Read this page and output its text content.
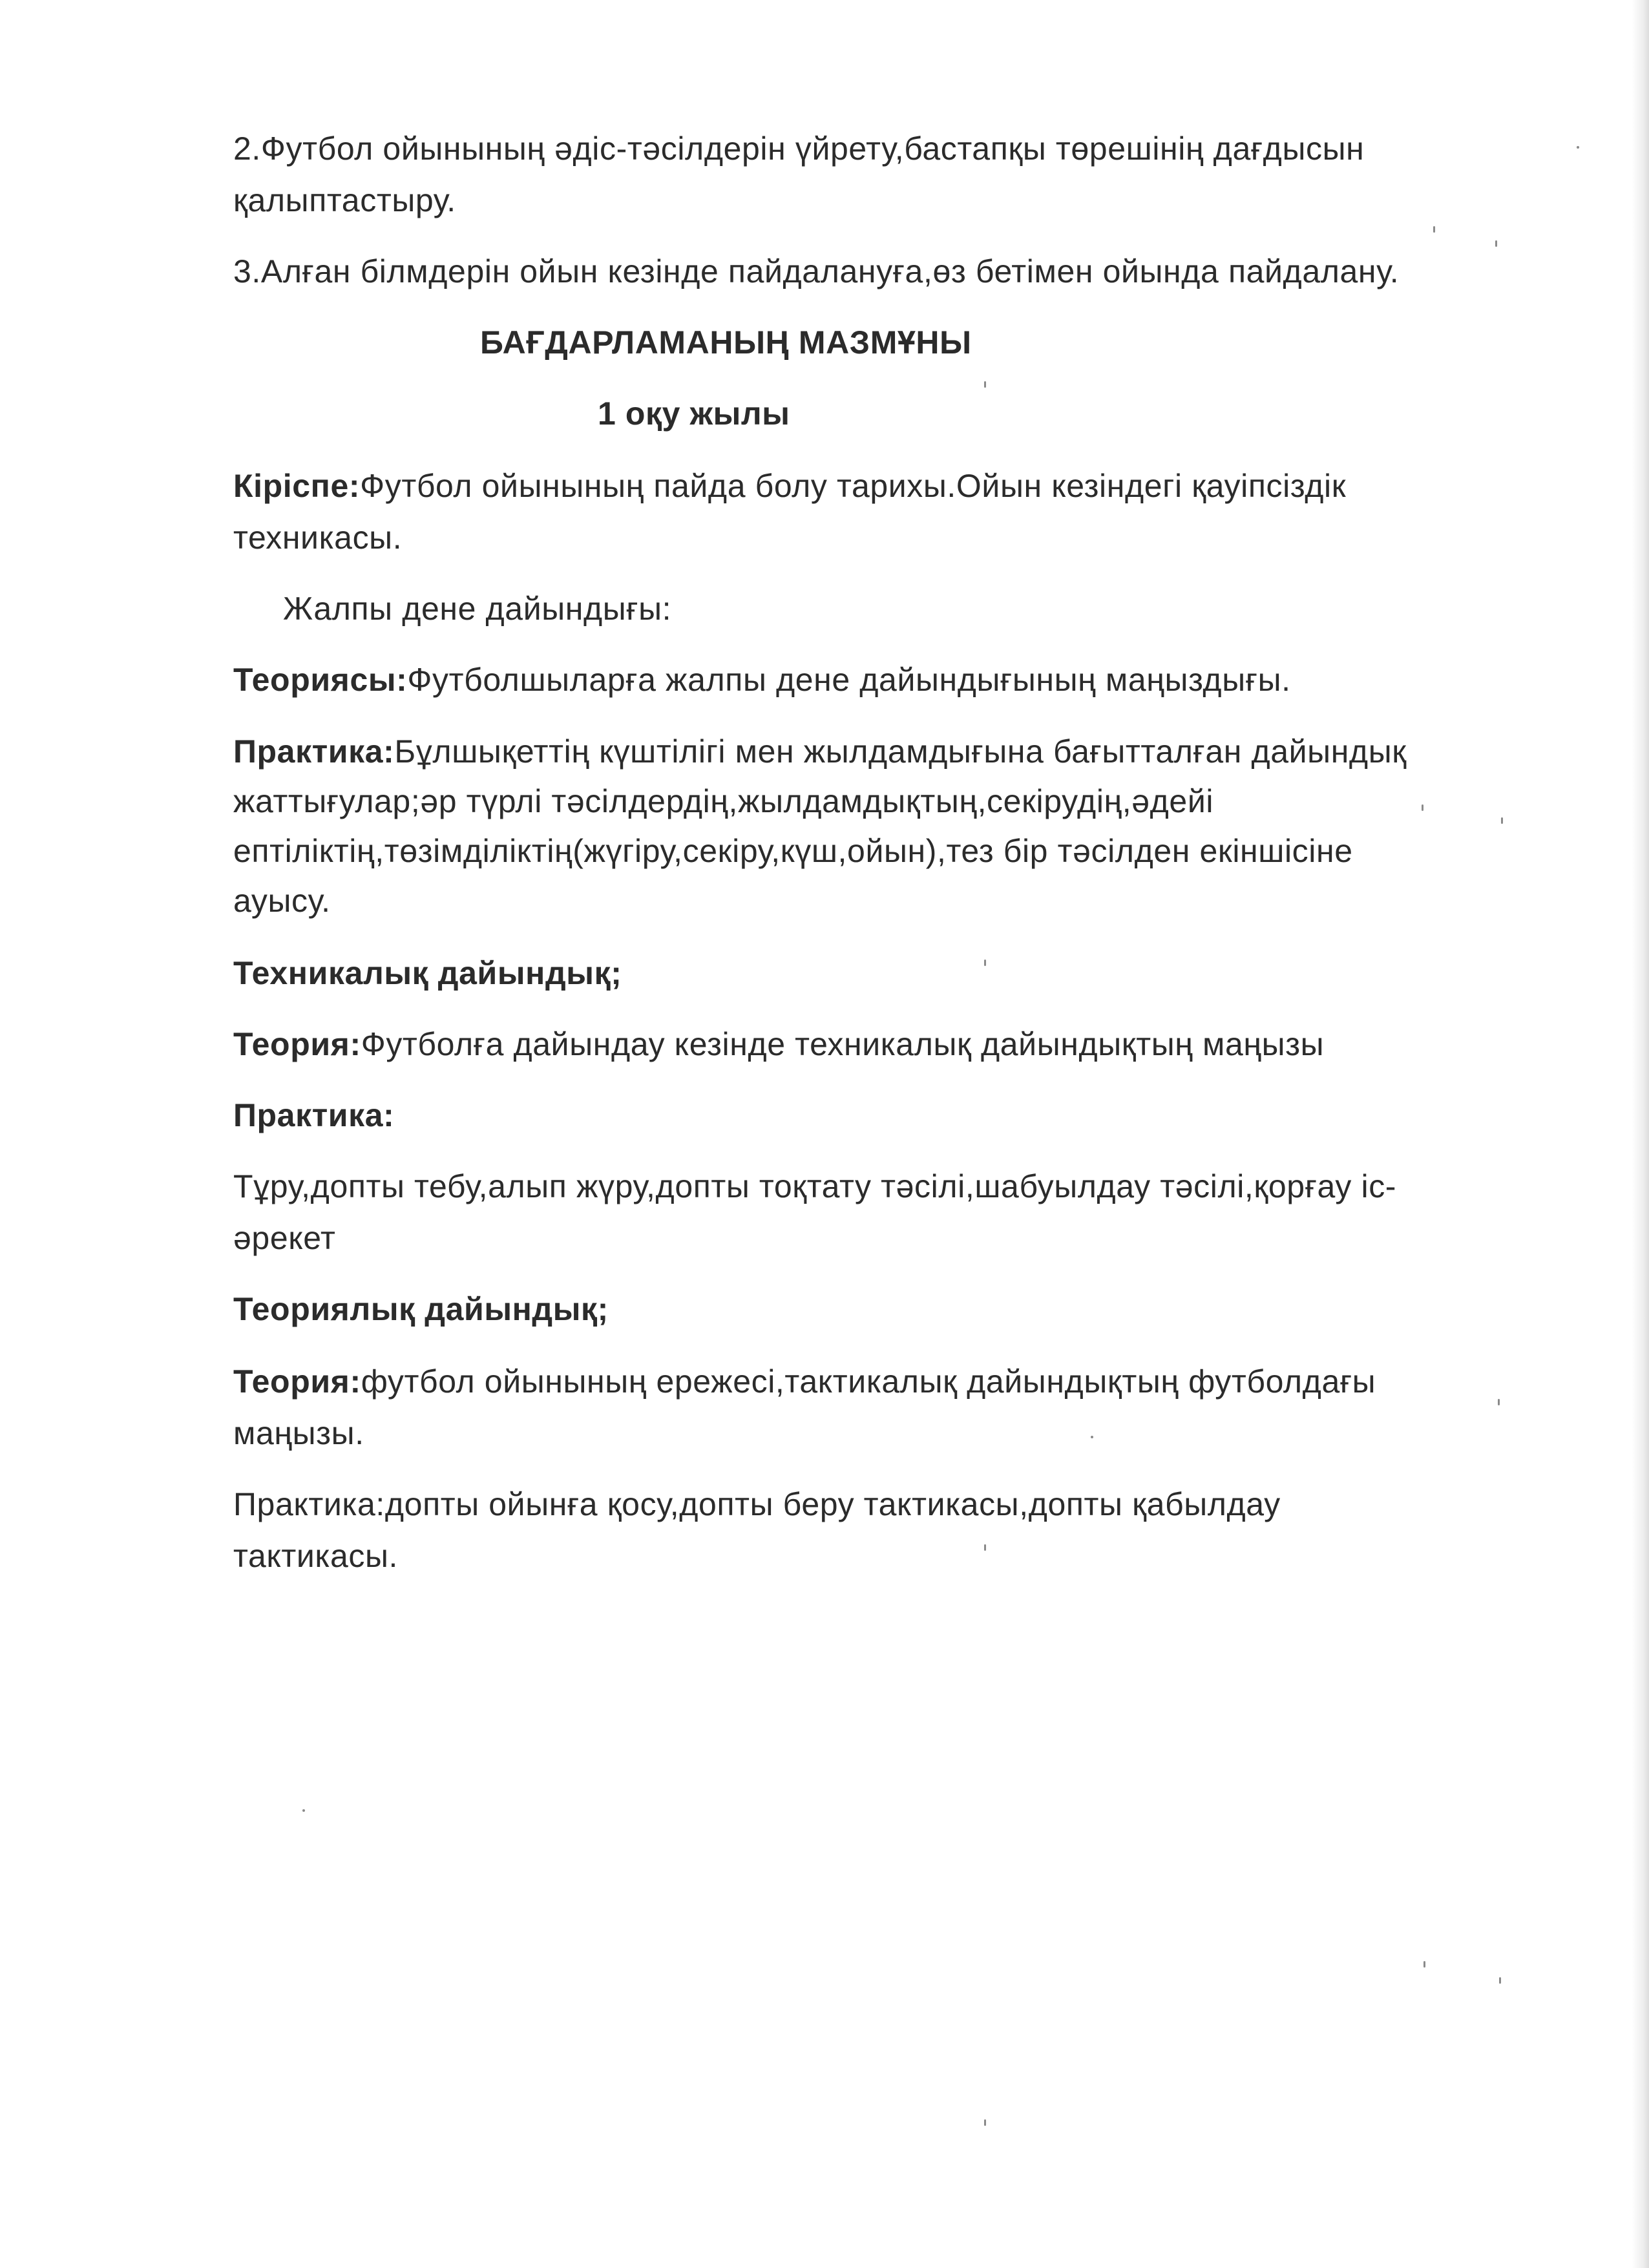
2.Футбол ойынының әдіс-тәсілдерін үйрету,бастапқы төрешінің дағдысын
қалыптастыру.
3.Алған білмдерін ойын кезінде пайдалануға,өз бетімен ойында пайдалану.
БАҒДАРЛАМАНЫҢ МАЗМҰНЫ
1 оқу жылы
Кіріспе:Футбол ойынының пайда болу тарихы.Ойын кезіндегі қауіпсіздік
техникасы.
Жалпы дене дайындығы:
Теориясы:Футболшыларға жалпы дене дайындығының маңыздығы.
Практика:Бұлшықеттің күштілігі мен жылдамдығына бағытталған дайындық
жаттығулар;әр түрлі тәсілдердің,жылдамдықтың,секірудің,әдейі
ептіліктің,төзімділіктің(жүгіру,секіру,күш,ойын),тез бір тәсілден екіншісіне
ауысу.
Техникалық дайындық;
Теория:Футболға дайындау кезінде техникалық дайындықтың маңызы
Практика:
Тұру,допты тебу,алып жүру,допты тоқтату тәсілі,шабуылдау тәсілі,қорғау іс-
әрекет
Теориялық дайындық;
Теория:футбол ойынының ережесі,тактикалық дайындықтың футболдағы
маңызы.
Практика:допты ойынға қосу,допты беру тактикасы,допты қабылдау
тактикасы.
